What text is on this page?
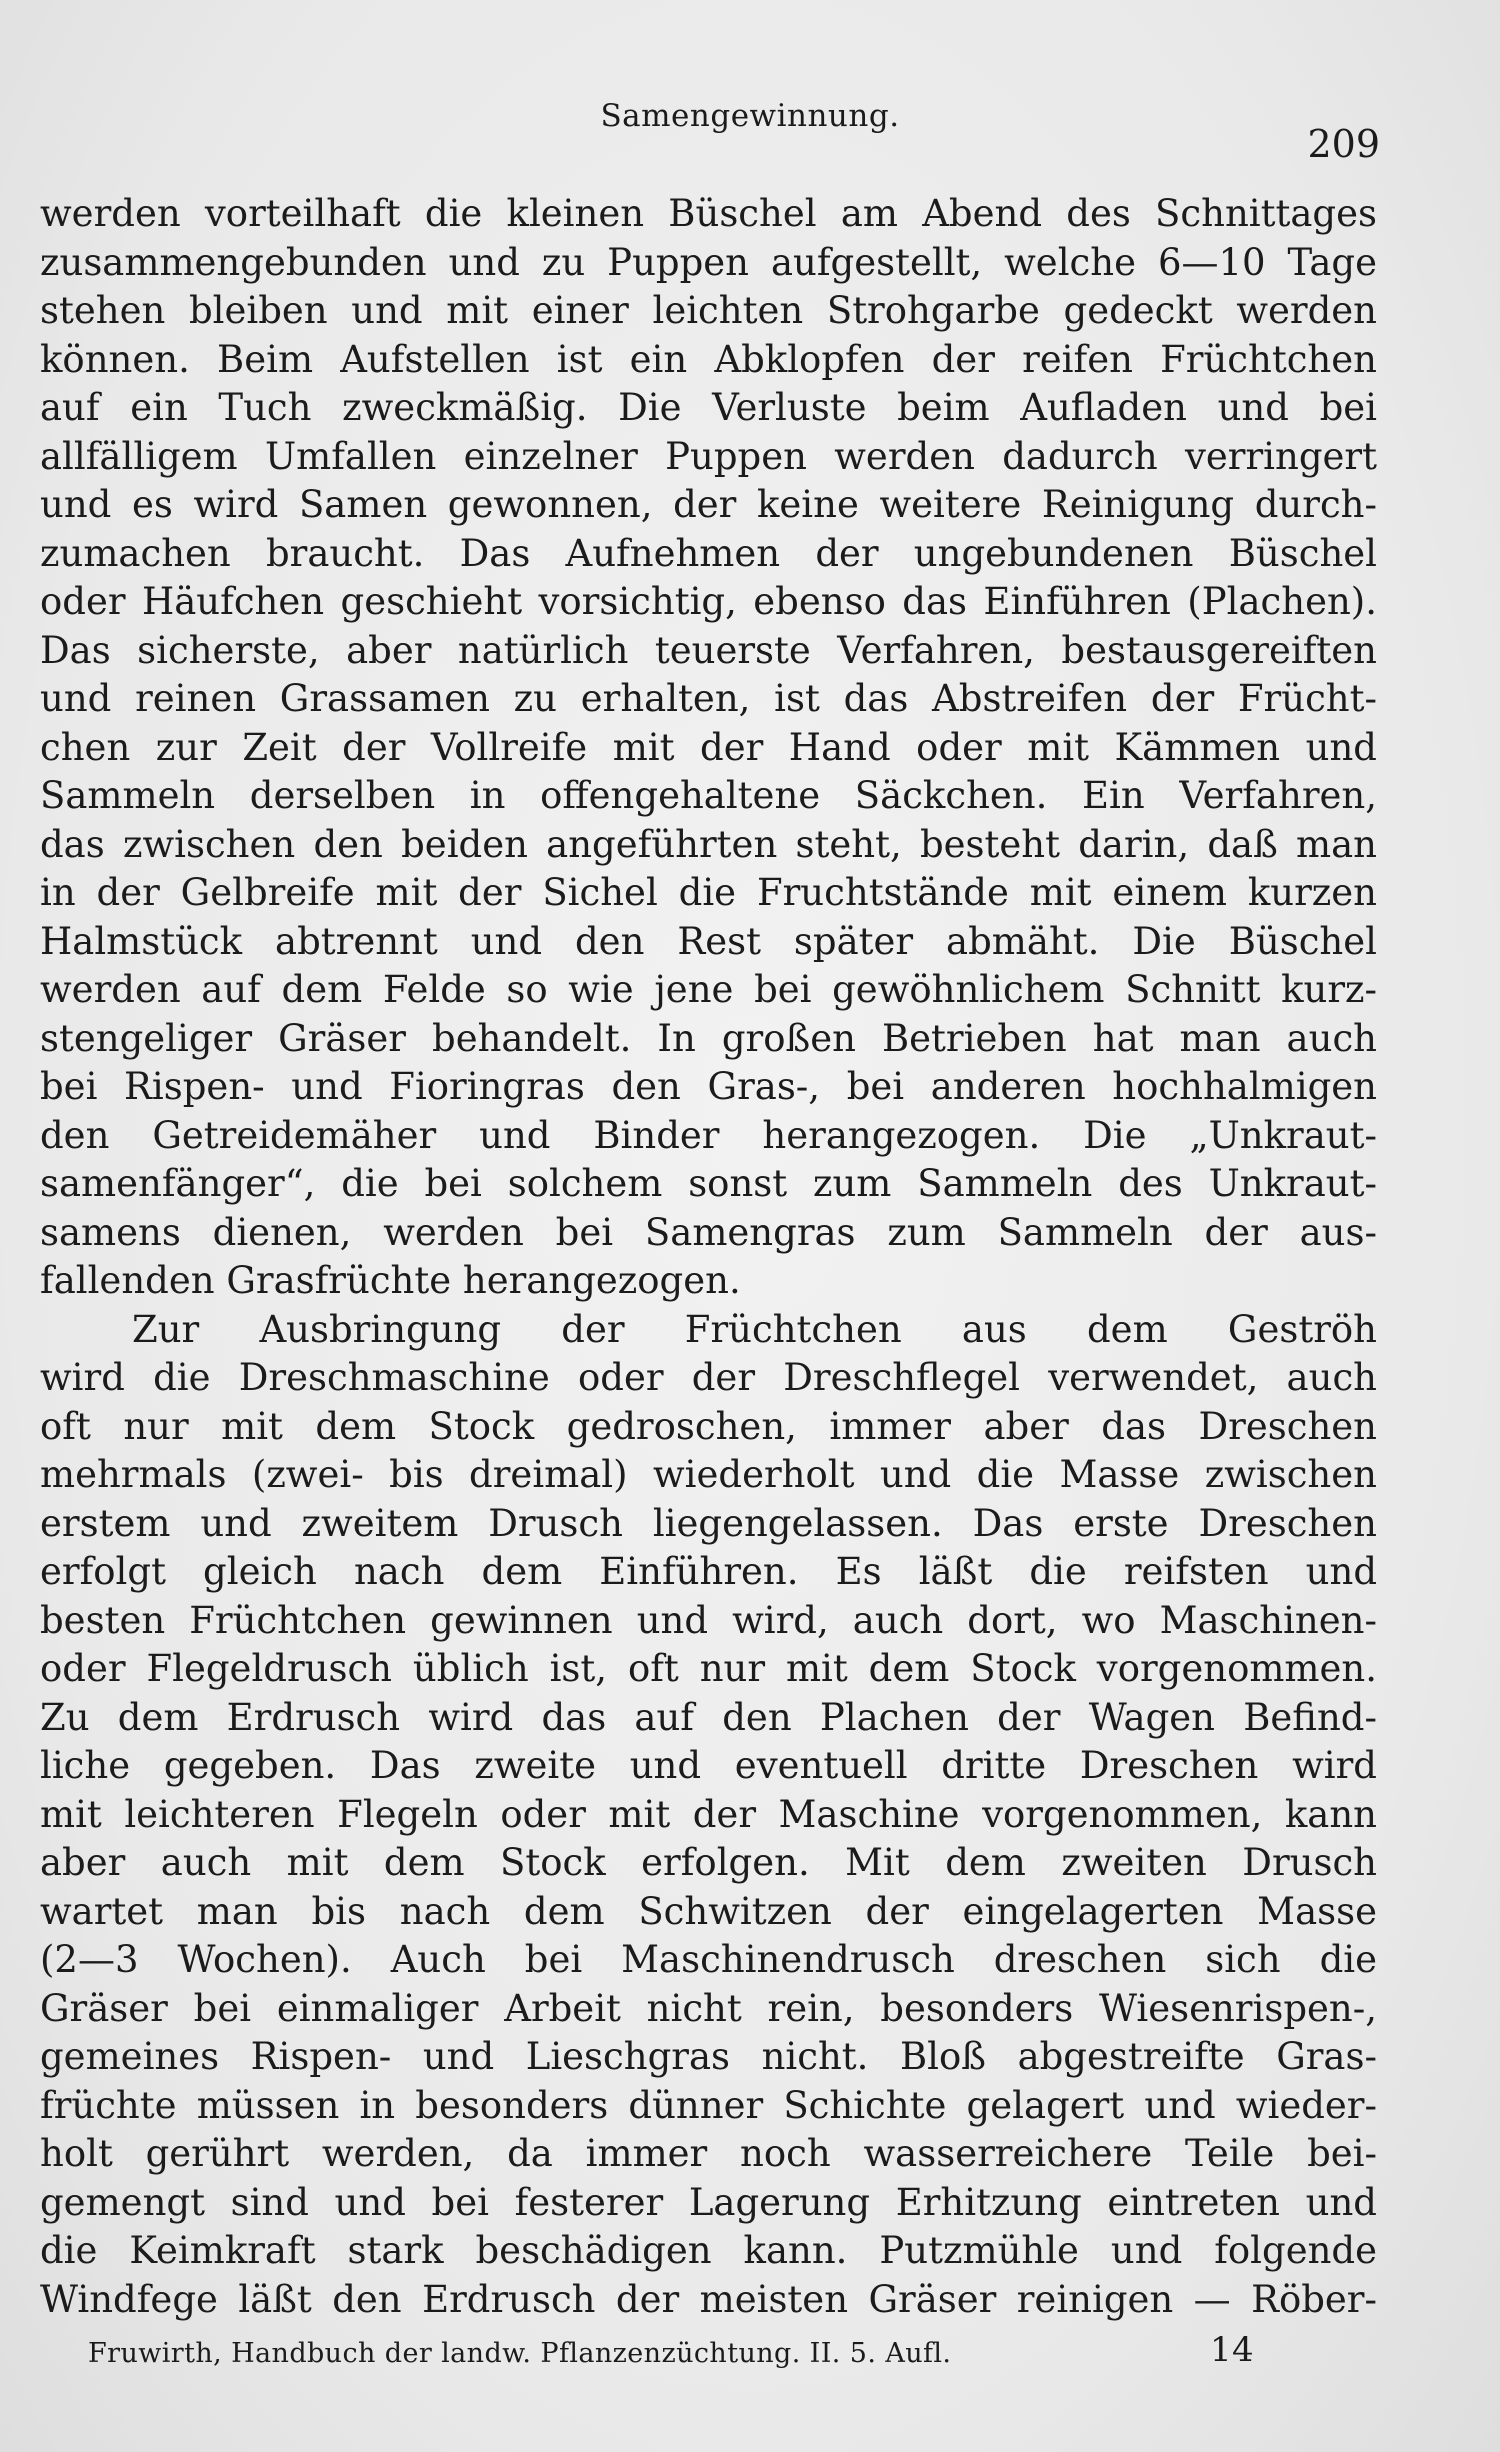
Samengewinnung.
209
werden vorteilhaft die kleinen Büschel am Abend des Schnittages
zusammengebunden und zu Puppen aufgestellt, welche 6—10 Tage
stehen bleiben und mit einer leichten Strohgarbe gedeckt werden
können. Beim Aufstellen ist ein Abklopfen der reifen Früchtchen
auf ein Tuch zweckmäßig. Die Verluste beim Aufladen und bei
allfälligem Umfallen einzelner Puppen werden dadurch verringert
und es wird Samen gewonnen, der keine weitere Reinigung durch-
zumachen braucht. Das Aufnehmen der ungebundenen Büschel
oder Häufchen geschieht vorsichtig, ebenso das Einführen (Plachen).
Das sicherste, aber natürlich teuerste Verfahren, bestausgereiften
und reinen Grassamen zu erhalten, ist das Abstreifen der Frücht-
chen zur Zeit der Vollreife mit der Hand oder mit Kämmen und
Sammeln derselben in offengehaltene Säckchen. Ein Verfahren,
das zwischen den beiden angeführten steht, besteht darin, daß man
in der Gelbreife mit der Sichel die Fruchtstände mit einem kurzen
Halmstück abtrennt und den Rest später abmäht. Die Büschel
werden auf dem Felde so wie jene bei gewöhnlichem Schnitt kurz-
stengeliger Gräser behandelt. In großen Betrieben hat man auch
bei Rispen- und Fioringras den Gras-, bei anderen hochhalmigen
den Getreidemäher und Binder herangezogen. Die „Unkraut-
samenfänger“, die bei solchem sonst zum Sammeln des Unkraut-
samens dienen, werden bei Samengras zum Sammeln der aus-
fallenden Grasfrüchte herangezogen.
Zur Ausbringung der Früchtchen aus dem Geströh
wird die Dreschmaschine oder der Dreschflegel verwendet, auch
oft nur mit dem Stock gedroschen, immer aber das Dreschen
mehrmals (zwei- bis dreimal) wiederholt und die Masse zwischen
erstem und zweitem Drusch liegengelassen. Das erste Dreschen
erfolgt gleich nach dem Einführen. Es läßt die reifsten und
besten Früchtchen gewinnen und wird, auch dort, wo Maschinen-
oder Flegeldrusch üblich ist, oft nur mit dem Stock vorgenommen.
Zu dem Erdrusch wird das auf den Plachen der Wagen Befind-
liche gegeben. Das zweite und eventuell dritte Dreschen wird
mit leichteren Flegeln oder mit der Maschine vorgenommen, kann
aber auch mit dem Stock erfolgen. Mit dem zweiten Drusch
wartet man bis nach dem Schwitzen der eingelagerten Masse
(2—3 Wochen). Auch bei Maschinendrusch dreschen sich die
Gräser bei einmaliger Arbeit nicht rein, besonders Wiesenrispen-,
gemeines Rispen- und Lieschgras nicht. Bloß abgestreifte Gras-
früchte müssen in besonders dünner Schichte gelagert und wieder-
holt gerührt werden, da immer noch wasserreichere Teile bei-
gemengt sind und bei festerer Lagerung Erhitzung eintreten und
die Keimkraft stark beschädigen kann. Putzmühle und folgende
Windfege läßt den Erdrusch der meisten Gräser reinigen — Röber-
Fruwirth, Handbuch der landw. Pflanzenzüchtung. II. 5. Aufl.	14
